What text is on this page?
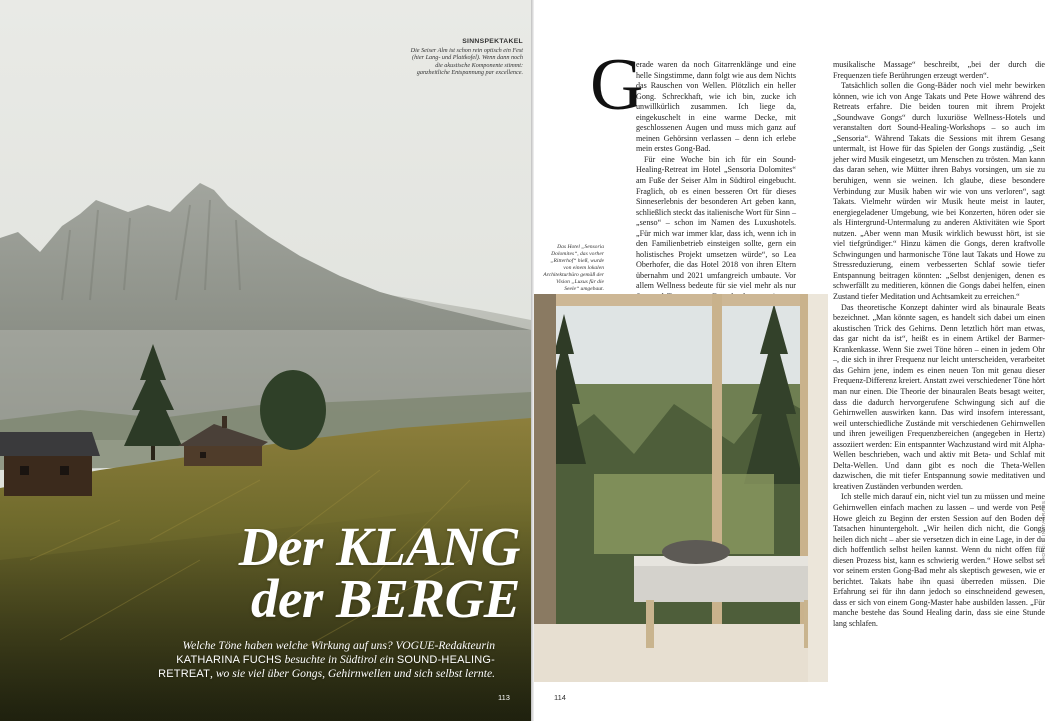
SINNSPEKTAKEL
Die Seiser Alm ist schon rein optisch ein Fest (hier Lang- und Plattkofel). Wenn dann noch die akustische Komponente stimmt: ganzheitliche Entspannung par excellence.
Der KLANG
der BERGE

Welche Töne haben welche Wirkung auf uns? VOGUE-Redakteurin KATHARINA FUCHS besuchte in Südtirol ein SOUND-HEALING-RETREAT, wo sie viel über Gongs, Gehirnwellen und sich selbst lernte.

113
G

erade waren da noch Gitarrenklänge und eine helle Singstimme, dann folgt wie aus dem Nichts das Rauschen von Wellen. Plötzlich ein heller Gong. Schreckhaft, wie ich bin, zucke ich unwillkürlich zusammen. Ich liege da, eingekuschelt in eine warme Decke, mit geschlossenen Augen und muss mich ganz auf meinen Gehörsinn verlassen – denn ich erlebe mein erstes Gong-Bad.

Für eine Woche bin ich für ein Sound-Healing-Retreat im Hotel „Sensoria Dolomites“ am Fuße der Seiser Alm in Südtirol eingebucht. Fraglich, ob es einen besseren Ort für dieses Sinneserlebnis der besonderen Art geben kann, schließlich steckt das italienische Wort für Sinn – „senso“ – schon im Namen des Luxushotels. „Für mich war immer klar, dass ich, wenn ich in den Familienbetrieb einsteigen sollte, gern ein holistisches Projekt umsetzen würde“, so Lea Oberhofer, die das Hotel 2018 von ihren Eltern übernahm und 2021 umfangreich umbaute. Vor allem Wellness bedeute für sie viel mehr als nur

Das Hotel „Sensoria Dolomites“, das vorher „Ritterhof“ hieß, wurde von einem lokalen Architekturbüro gemäß der Vision „Luxus für die Seele“ umgebaut.

musikalische Massage“ beschreibt, „bei der durch die Frequenzen tiefe Berührungen erzeugt werden“.

Tatsächlich sollen die Gong-Bäder noch viel mehr bewirken können, wie ich von Ange Takats und Pete Howe während des Retreats erfahre. Die beiden touren mit ihrem Projekt „Soundwave Gongs“ durch luxuriöse Wellness-Hotels und veranstalten dort Sound-Healing-Workshops – so auch im „Sensoria“. Während Takats die Sessions mit ihrem Gesang untermalt, ist Howe für das Spielen der Gongs zuständig. „Seit jeher wird Musik eingesetzt, um Menschen zu trösten. Man kann das daran sehen, wie Mütter ihren Babys vorsingen, um sie zu beruhigen, wenn sie weinen. Ich glaube, diese besondere Verbindung zur Musik haben wir wie von uns verloren“, sagt Takats. Vielmehr würden wir Musik heute meist in lauter, energiegeladener Umgebung, wie bei Konzerten, hören oder sie als Hintergrund-Untermalung zu anderen Aktivitäten wie Sport nutzen. „Aber wenn man Musik wirklich bewusst hört, ist sie viel tiefgründiger.“ Hinzu kämen die Gongs, deren kraftvolle Schwingungen und harmonische Töne laut Takats und Howe zu Stressreduzierung, einem verbesserten Schlaf sowie tiefer Entspannung beitragen könnten: „Selbst denjenigen, denen es schwerfällt zu meditieren, können die Gongs dabei helfen, einen Zustand tiefer Meditation und Achtsamkeit zu erreichen.“

Das theoretische Konzept dahinter wird als binaurale Beats bezeichnet. „Man könnte sagen, es handelt sich dabei um einen akustischen Trick des Gehirns. Denn letztlich hört man etwas, das gar nicht da ist“, heißt es in einem Artikel der Barmer-Krankenkasse. Wenn Sie zwei Töne hören – einen in jedem Ohr –, die sich in ihrer Frequenz nur leicht unterscheiden, verarbeitet das Gehirn jene, indem es einen neuen Ton mit genau dieser Frequenz-Differenz kreiert. Anstatt zwei verschiedener Töne hört man nur einen. Die Theorie der binauralen Beats besagt weiter, dass die dadurch hervorgerufene Schwingung sich auf die Gehirnwellen auswirken kann. Das wird insofern interessant, weil unterschiedliche Zustände mit verschiedenen Gehirnwellen und ihren jeweiligen Frequenzbereichen (angegeben in Hertz) assoziiert werden: Ein entspannter Wachzustand wird mit Alpha-Wellen beschrieben, wach und aktiv mit Beta- und Schlaf mit Delta-Wellen. Und dann gibt es noch die Theta-Wellen dazwischen, die mit tiefer Entspannung sowie meditativen und kreativen Zuständen verbunden werden.

Ich stelle mich darauf ein, nicht viel tun zu müssen und meine Gehirnwellen einfach machen zu lassen – und werde von Pete Howe gleich zu Beginn der ersten Session auf den Boden der Tatsachen hinuntergeholt. „Wir heilen dich nicht, die Gongs heilen dich nicht – aber sie versetzen dich in eine Lage, in der du dich hoffentlich selbst heilen kannst. Wenn du nicht offen für diesen Prozess bist, kann es schwierig werden.“ Howe selbst sei vor seinem ersten Gong-Bad mehr als skeptisch gewesen, wie er berichtet. Takats habe ihn quasi überreden müssen. Die Erfahrung sei für ihn dann jedoch so einschneidend gewesen, dass er sich von einem Gong-Master habe ausbilden lassen. „Für manche bestehe das Sound Healing darin, dass sie eine Stunde lang schlafen.

114
FOTO: © INSTAGRAMS
